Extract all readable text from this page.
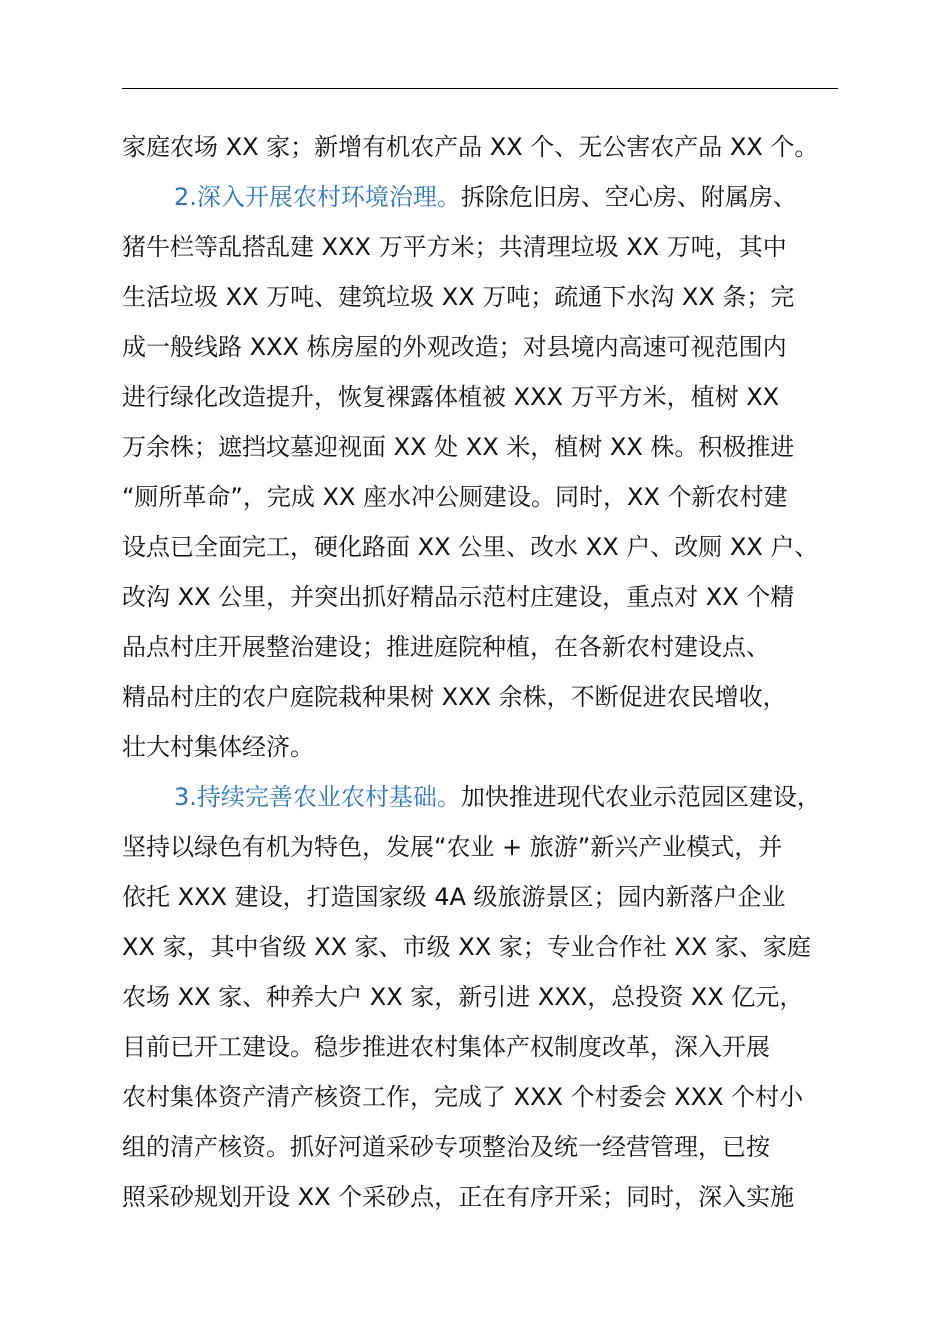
家庭农场 XX 家；新增有机农产品 XX 个、无公害农产品 XX 个。
2.深入开展农村环境治理。拆除危旧房、空心房、附属房、
猪牛栏等乱搭乱建 XXX 万平方米；共清理垃圾 XX 万吨，其中
生活垃圾 XX 万吨、建筑垃圾 XX 万吨；疏通下水沟 XX 条；完
成一般线路 XXX 栋房屋的外观改造；对县境内高速可视范围内
进行绿化改造提升，恢复裸露体植被 XXX 万平方米，植树 XX
万余株；遮挡坟墓迎视面 XX 处 XX 米，植树 XX 株。积极推进
“厕所革命”，完成 XX 座水冲公厕建设。同时，XX 个新农村建
设点已全面完工，硬化路面 XX 公里、改水 XX 户、改厕 XX 户、
改沟 XX 公里，并突出抓好精品示范村庄建设，重点对 XX 个精
品点村庄开展整治建设；推进庭院种植，在各新农村建设点、
精品村庄的农户庭院栽种果树 XXX 余株，不断促进农民增收，
壮大村集体经济。
3.持续完善农业农村基础。加快推进现代农业示范园区建设，
坚持以绿色有机为特色，发展“农业 + 旅游”新兴产业模式，并
依托 XXX 建设，打造国家级 4A 级旅游景区；园内新落户企业
XX 家，其中省级 XX 家、市级 XX 家；专业合作社 XX 家、家庭
农场 XX 家、种养大户 XX 家，新引进 XXX，总投资 XX 亿元，
目前已开工建设。稳步推进农村集体产权制度改革，深入开展
农村集体资产清产核资工作，完成了 XXX 个村委会 XXX 个村小
组的清产核资。抓好河道采砂专项整治及统一经营管理，已按
照采砂规划开设 XX 个采砂点，正在有序开采；同时，深入实施
